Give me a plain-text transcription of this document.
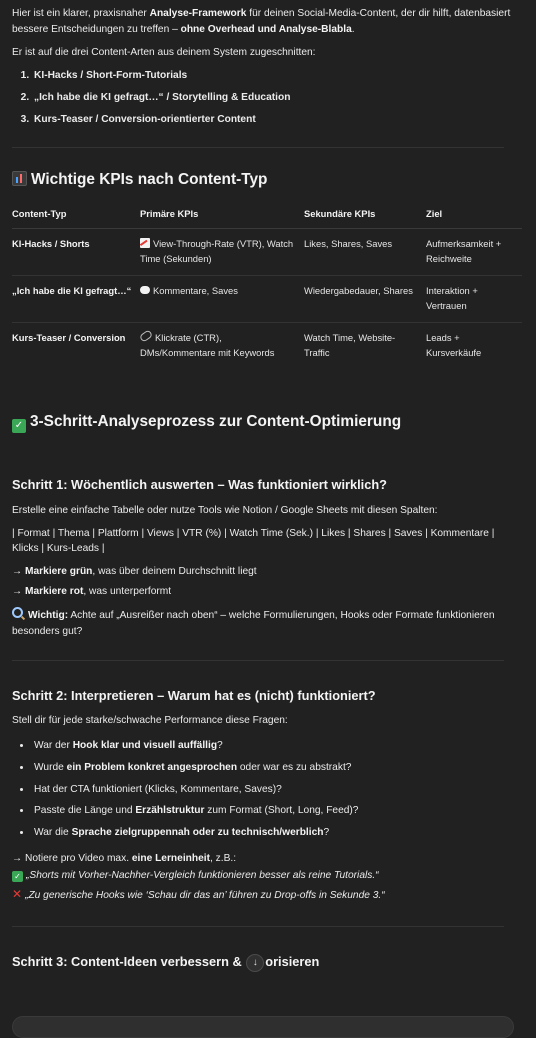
Hier ist ein klarer, praxisnaher Analyse-Framework für deinen Social-Media-Content, der dir hilft, datenbasiert bessere Entscheidungen zu treffen – ohne Overhead und Analyse-Blabla.

Er ist auf die drei Content-Arten aus deinem System zugeschnitten:

1. KI-Hacks / Short-Form-Tutorials
2. „Ich habe die KI gefragt…“ / Storytelling & Education
3. Kurs-Teaser / Conversion-orientierter Content
Wichtige KPIs nach Content-Typ
Content-Typ	Primäre KPIs	Sekundäre KPIs	Ziel
KI-Hacks / Shorts	View-Through-Rate (VTR), Watch Time (Sekunden)	Likes, Shares, Saves	Aufmerksamkeit + Reichweite
„Ich habe die KI gefragt…“	Kommentare, Saves	Wiedergabedauer, Shares	Interaktion + Vertrauen
Kurs-Teaser / Conversion	Klickrate (CTR), DMs/Kommentare mit Keywords	Watch Time, Website-Traffic	Leads + Kursverkäufe
✓ 3-Schritt-Analyseprozess zur Content-Optimierung
Schritt 1: Wöchentlich auswerten – Was funktioniert wirklich?

Erstelle eine einfache Tabelle oder nutze Tools wie Notion / Google Sheets mit diesen Spalten:

| Format | Thema | Plattform | Views | VTR (%) | Watch Time (Sek.) | Likes | Shares | Saves | Kommentare | Klicks | Kurs-Leads |

→ Markiere grün, was über deinem Durchschnitt liegt

→ Markiere rot, was unterperformt

Wichtig: Achte auf „Ausreißer nach oben“ – welche Formulierungen, Hooks oder Formate funktionieren besonders gut?

Schritt 2: Interpretieren – Warum hat es (nicht) funktioniert?

Stell dir für jede starke/schwache Performance diese Fragen:

• War der Hook klar und visuell auffällig?
• Wurde ein Problem konkret angesprochen oder war es zu abstrakt?
• Hat der CTA funktioniert (Klicks, Kommentare, Saves)?
• Passte die Länge und Erzählstruktur zum Format (Short, Long, Feed)?
• War die Sprache zielgruppennah oder zu technisch/werblich?

→ Notiere pro Video max. eine Lerneinheit, z.B.:

✓ „Shorts mit Vorher-Nachher-Vergleich funktionieren besser als reine Tutorials.“

✕ „Zu generische Hooks wie ‘Schau dir das an’ führen zu Drop-offs in Sekunde 3.“

Schritt 3: Content-Ideen verbessern & ↓ orisieren
